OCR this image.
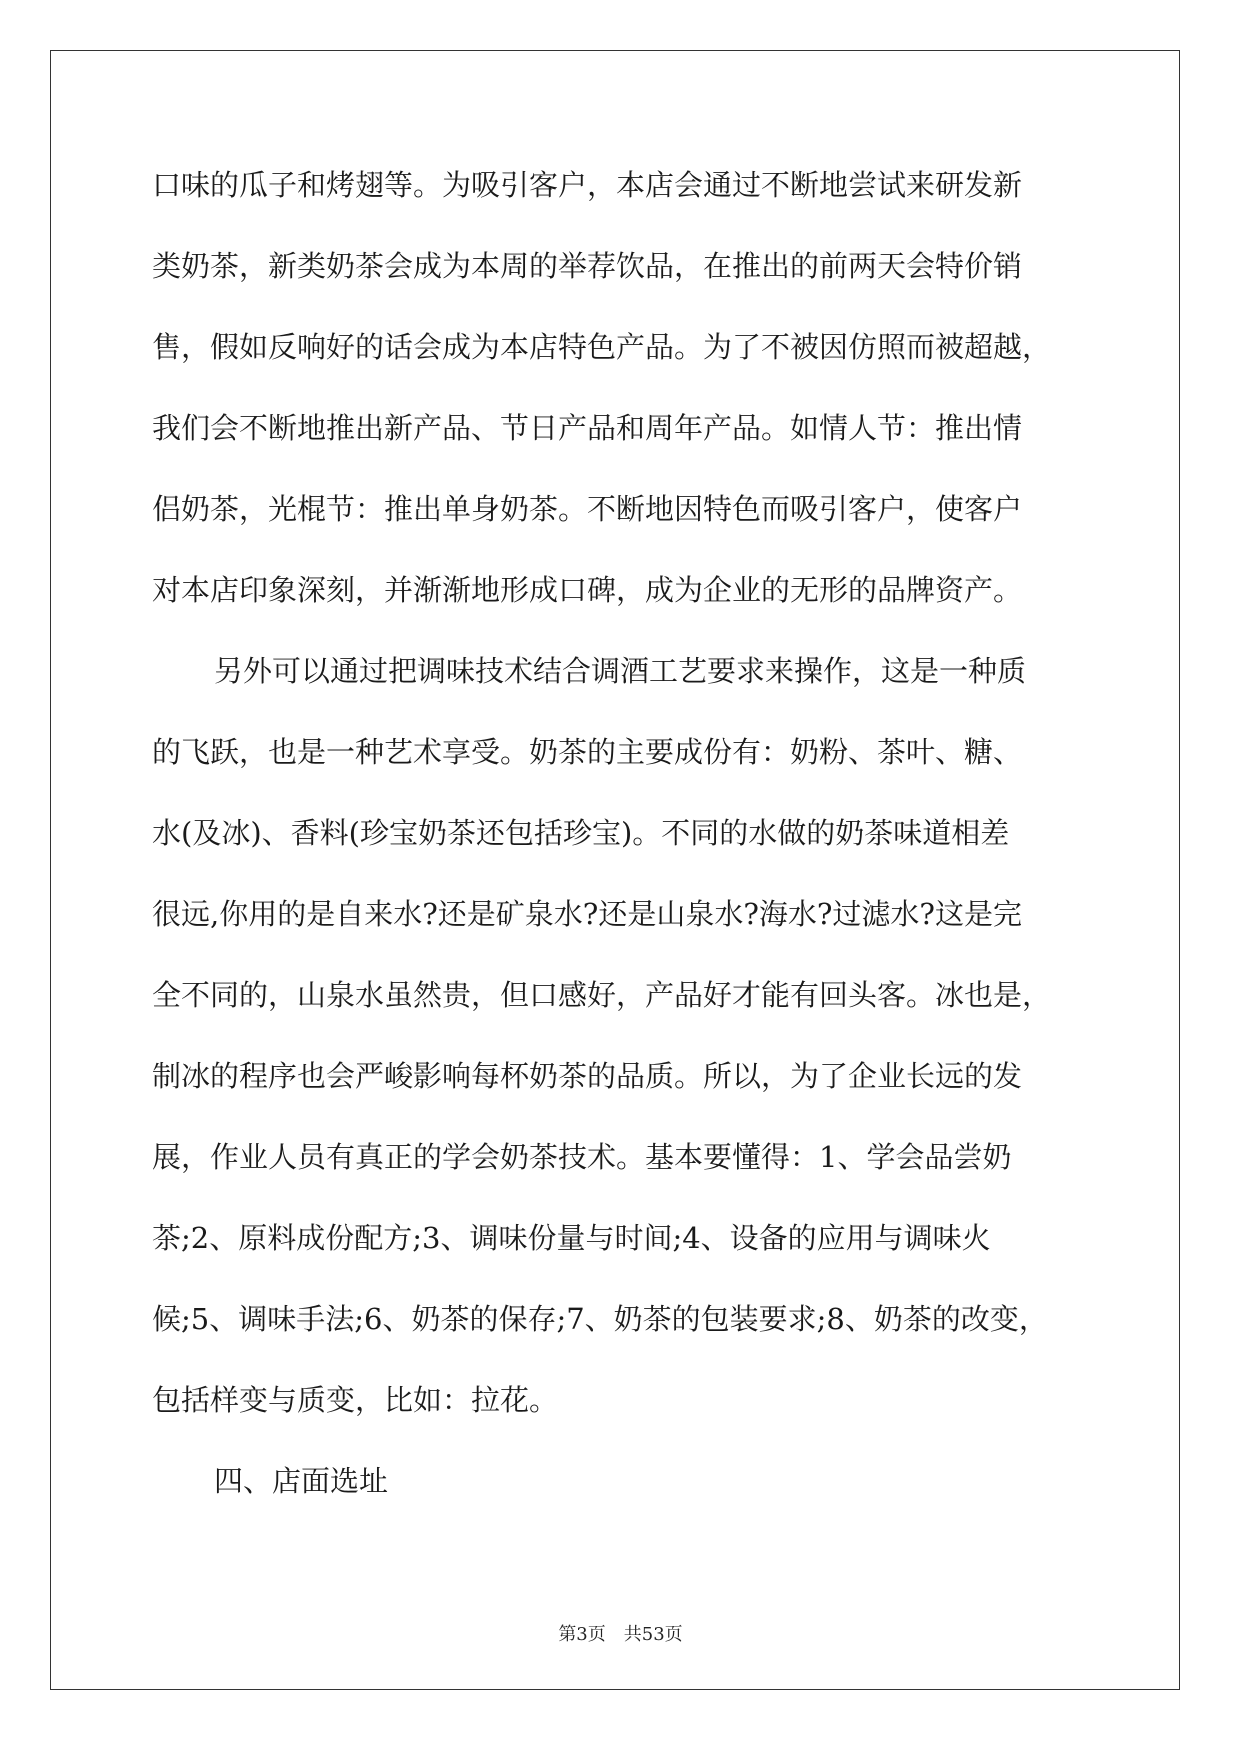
口味的瓜子和烤翅等。为吸引客户，本店会通过不断地尝试来研发新
类奶茶，新类奶茶会成为本周的举荐饮品，在推出的前两天会特价销
售，假如反响好的话会成为本店特色产品。为了不被因仿照而被超越，
我们会不断地推出新产品、节日产品和周年产品。如情人节：推出情
侣奶茶，光棍节：推出单身奶茶。不断地因特色而吸引客户，使客户
对本店印象深刻，并渐渐地形成口碑，成为企业的无形的品牌资产。
另外可以通过把调味技术结合调酒工艺要求来操作，这是一种质
的飞跃，也是一种艺术享受。奶茶的主要成份有：奶粉、茶叶、糖、
水(及冰)、香料(珍宝奶茶还包括珍宝)。不同的水做的奶茶味道相差
很远,你用的是自来水?还是矿泉水?还是山泉水?海水?过滤水?这是完
全不同的，山泉水虽然贵，但口感好，产品好才能有回头客。冰也是，
制冰的程序也会严峻影响每杯奶茶的品质。所以，为了企业长远的发
展，作业人员有真正的学会奶茶技术。基本要懂得：1、学会品尝奶
茶;2、原料成份配方;3、调味份量与时间;4、设备的应用与调味火
候;5、调味手法;6、奶茶的保存;7、奶茶的包装要求;8、奶茶的改变，
包括样变与质变，比如：拉花。
四、店面选址
第3页 共53页
